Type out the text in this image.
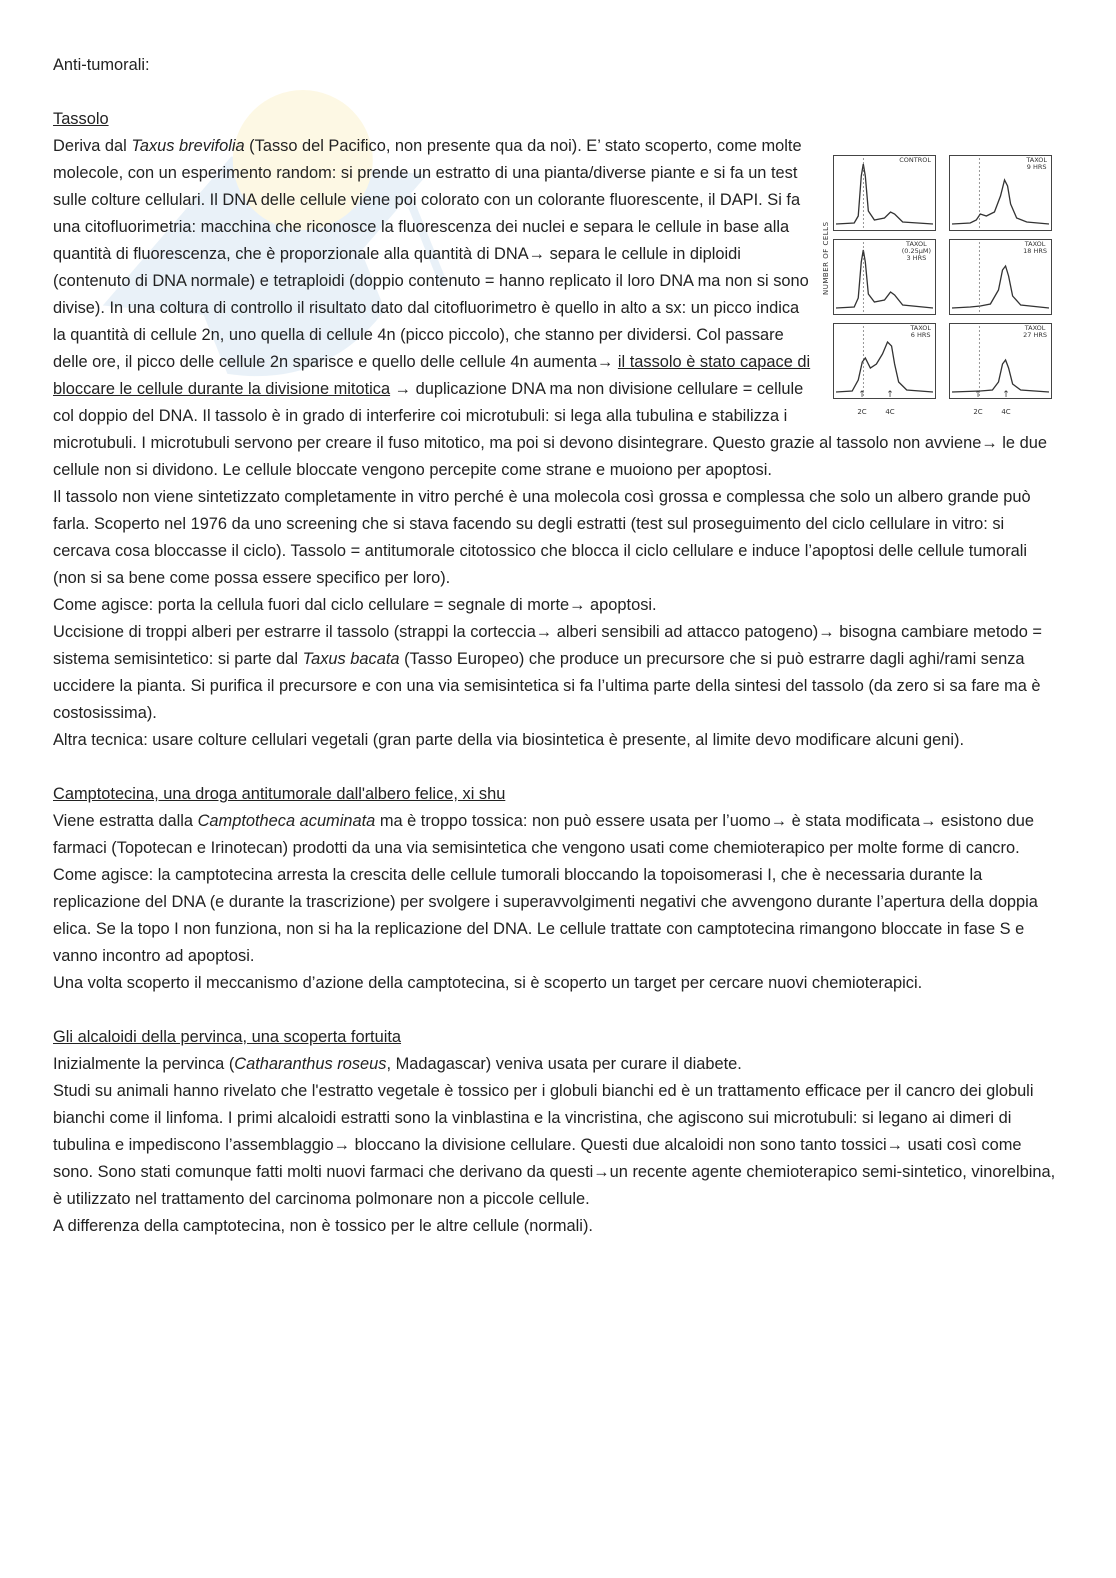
Anti-tumorali:

Tassolo

NUMBER OF CELLS
CONTROL	TAXOL
9 HRS
TAXOL
(0.25µM)
3 HRS
TAXOL
18 HRS
TAXOL
6 HRS
TAXOL
27 HRS
↑
2C
↑
4C
↑
2C
↑
4C

Deriva dal Taxus brevifolia (Tasso del Pacifico, non presente qua da noi). E’ stato scoperto, come molte molecole, con un esperimento random: si prende un estratto di una pianta/diverse piante e si fa un test sulle colture cellulari. Il DNA delle cellule viene poi colorato con un colorante fluorescente, il DAPI. Si fa una citofluorimetria: macchina che riconosce la fluorescenza dei nuclei e separa le cellule in base alla quantità di fluorescenza, che è proporzionale alla quantità di DNA→ separa le cellule in diploidi (contenuto di DNA normale) e tetraploidi (doppio contenuto = hanno replicato il loro DNA ma non si sono divise). In una coltura di controllo il risultato dato dal citofluorimetro è quello in alto a sx: un picco indica la quantità di cellule 2n, uno quella di cellule 4n (picco piccolo), che stanno per dividersi. Col passare delle ore, il picco delle cellule 2n sparisce e quello delle cellule 4n aumenta→ il tassolo è stato capace di bloccare le cellule durante la divisione mitotica → duplicazione DNA ma non divisione cellulare = cellule col doppio del DNA. Il tassolo è in grado di interferire coi microtubuli: si lega alla tubulina e stabilizza i microtubuli. I microtubuli servono per creare il fuso mitotico, ma poi si devono disintegrare. Questo grazie al tassolo non avviene→ le due cellule non si dividono. Le cellule bloccate vengono percepite come strane e muoiono per apoptosi.

Il tassolo non viene sintetizzato completamente in vitro perché è una molecola così grossa e complessa che solo un albero grande può farla. Scoperto nel 1976 da uno screening che si stava facendo su degli estratti (test sul proseguimento del ciclo cellulare in vitro: si cercava cosa bloccasse il ciclo). Tassolo = antitumorale citotossico che blocca il ciclo cellulare e induce l’apoptosi delle cellule tumorali (non si sa bene come possa essere specifico per loro).

Come agisce: porta la cellula fuori dal ciclo cellulare = segnale di morte→ apoptosi.

Uccisione di troppi alberi per estrarre il tassolo (strappi la corteccia→ alberi sensibili ad attacco patogeno)→ bisogna cambiare metodo = sistema semisintetico: si parte dal Taxus bacata (Tasso Europeo) che produce un precursore che si può estrarre dagli aghi/rami senza uccidere la pianta. Si purifica il precursore e con una via semisintetica si fa l’ultima parte della sintesi del tassolo (da zero si sa fare ma è costosissima).

Altra tecnica: usare colture cellulari vegetali (gran parte della via biosintetica è presente, al limite devo modificare alcuni geni).

Camptotecina, una droga antitumorale dall'albero felice, xi shu

Viene estratta dalla Camptotheca acuminata ma è troppo tossica: non può essere usata per l’uomo→ è stata modificata→ esistono due farmaci (Topotecan e Irinotecan) prodotti da una via semisintetica che vengono usati come chemioterapico per molte forme di cancro.

Come agisce: la camptotecina arresta la crescita delle cellule tumorali bloccando la topoisomerasi I, che è necessaria durante la replicazione del DNA (e durante la trascrizione) per svolgere i superavvolgimenti negativi che avvengono durante l’apertura della doppia elica. Se la topo I non funziona, non si ha la replicazione del DNA. Le cellule trattate con camptotecina rimangono bloccate in fase S e vanno incontro ad apoptosi.

Una volta scoperto il meccanismo d’azione della camptotecina, si è scoperto un target per cercare nuovi chemioterapici.

Gli alcaloidi della pervinca, una scoperta fortuita

Inizialmente la pervinca (Catharanthus roseus, Madagascar) veniva usata per curare il diabete.

Studi su animali hanno rivelato che l'estratto vegetale è tossico per i globuli bianchi ed è un trattamento efficace per il cancro dei globuli bianchi come il linfoma. I primi alcaloidi estratti sono la vinblastina e la vincristina, che agiscono sui microtubuli: si legano ai dimeri di tubulina e impediscono l’assemblaggio→ bloccano la divisione cellulare. Questi due alcaloidi non sono tanto tossici→ usati così come sono. Sono stati comunque fatti molti nuovi farmaci che derivano da questi→un recente agente chemioterapico semi-sintetico, vinorelbina, è utilizzato nel trattamento del carcinoma polmonare non a piccole cellule.

A differenza della camptotecina, non è tossico per le altre cellule (normali).
